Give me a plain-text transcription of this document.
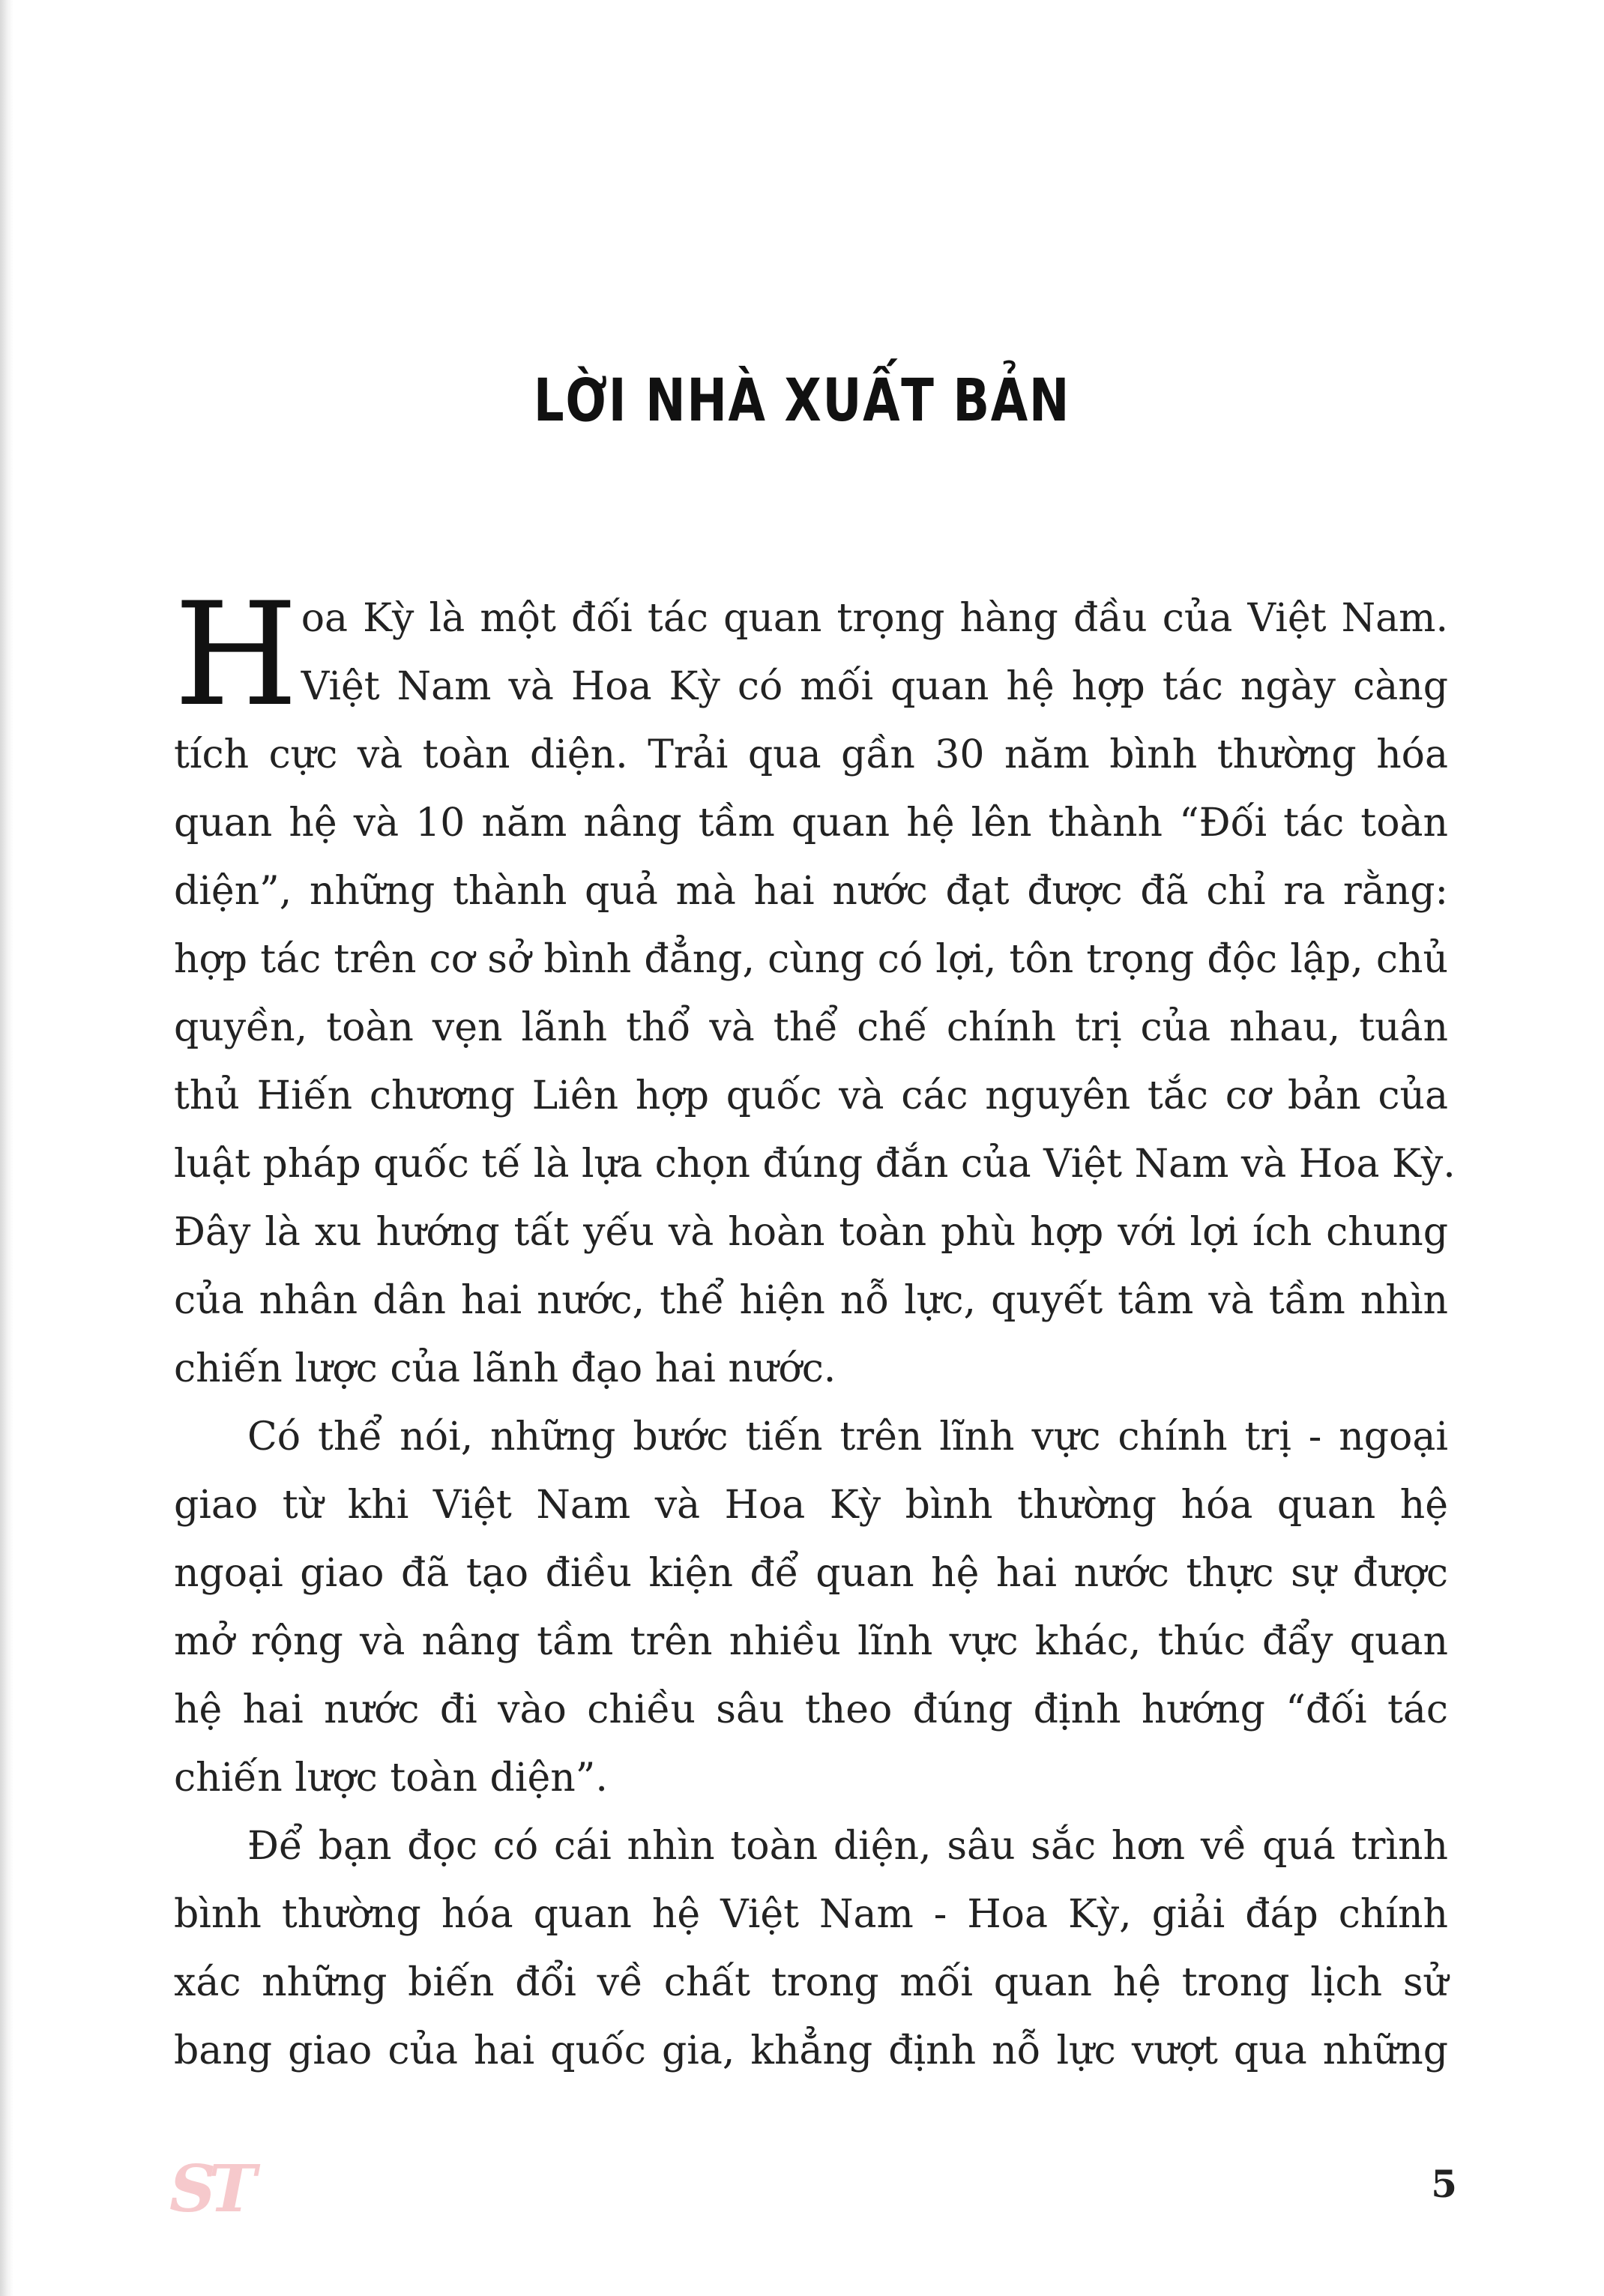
LỜI NHÀ XUẤT BẢN

H oa Kỳ là một đối tác quan trọng hàng đầu của Việt Nam.
Việt Nam và Hoa Kỳ có mối quan hệ hợp tác ngày càng
tích cực và toàn diện. Trải qua gần 30 năm bình thường hóa
quan hệ và 10 năm nâng tầm quan hệ lên thành “Đối tác toàn
diện”, những thành quả mà hai nước đạt được đã chỉ ra rằng:
hợp tác trên cơ sở bình đẳng, cùng có lợi, tôn trọng độc lập, chủ
quyền, toàn vẹn lãnh thổ và thể chế chính trị của nhau, tuân
thủ Hiến chương Liên hợp quốc và các nguyên tắc cơ bản của
luật pháp quốc tế là lựa chọn đúng đắn của Việt Nam và Hoa Kỳ.
Đây là xu hướng tất yếu và hoàn toàn phù hợp với lợi ích chung
của nhân dân hai nước, thể hiện nỗ lực, quyết tâm và tầm nhìn
chiến lược của lãnh đạo hai nước.

Có thể nói, những bước tiến trên lĩnh vực chính trị - ngoại
giao từ khi Việt Nam và Hoa Kỳ bình thường hóa quan hệ
ngoại giao đã tạo điều kiện để quan hệ hai nước thực sự được
mở rộng và nâng tầm trên nhiều lĩnh vực khác, thúc đẩy quan
hệ hai nước đi vào chiều sâu theo đúng định hướng “đối tác
chiến lược toàn diện”.

Để bạn đọc có cái nhìn toàn diện, sâu sắc hơn về quá trình
bình thường hóa quan hệ Việt Nam - Hoa Kỳ, giải đáp chính
xác những biến đổi về chất trong mối quan hệ trong lịch sử
bang giao của hai quốc gia, khẳng định nỗ lực vượt qua những

ST	5
